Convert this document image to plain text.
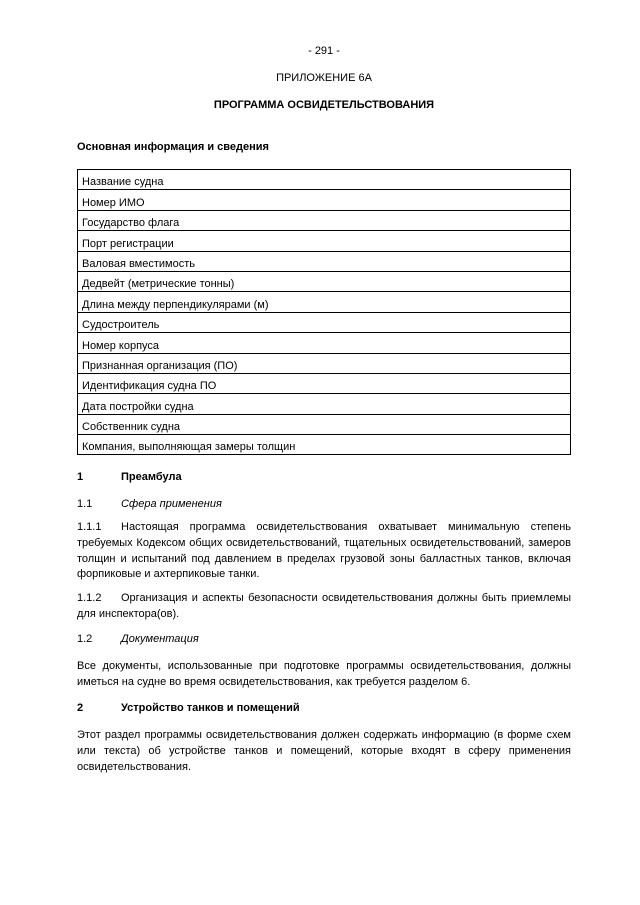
- 291 -
ПРИЛОЖЕНИЕ 6А
ПРОГРАММА ОСВИДЕТЕЛЬСТВОВАНИЯ
Основная информация и сведения
Название судна
Номер ИМО
Государство флага
Порт регистрации
Валовая вместимость
Дедвейт (метрические тонны)
Длина между перпендикулярами (м)
Судостроитель
Номер корпуса
Признанная организация (ПО)
Идентификация судна ПО
Дата постройки судна
Собственник судна
Компания, выполняющая замеры толщин
1	Преамбула
1.1	Сфера применения
1.1.1 Настоящая программа освидетельствования охватывает минимальную степень требуемых Кодексом общих освидетельствований, тщательных освидетельствований, замеров толщин и испытаний под давлением в пределах грузовой зоны балластных танков, включая форпиковые и ахтерпиковые танки.
1.1.2 Организация и аспекты безопасности освидетельствования должны быть приемлемы для инспектора(ов).
1.2	Документация
Все документы, использованные при подготовке программы освидетельствования, должны иметься на судне во время освидетельствования, как требуется разделом 6.
2	Устройство танков и помещений
Этот раздел программы освидетельствования должен содержать информацию (в форме схем или текста) об устройстве танков и помещений, которые входят в сферу применения освидетельствования.
